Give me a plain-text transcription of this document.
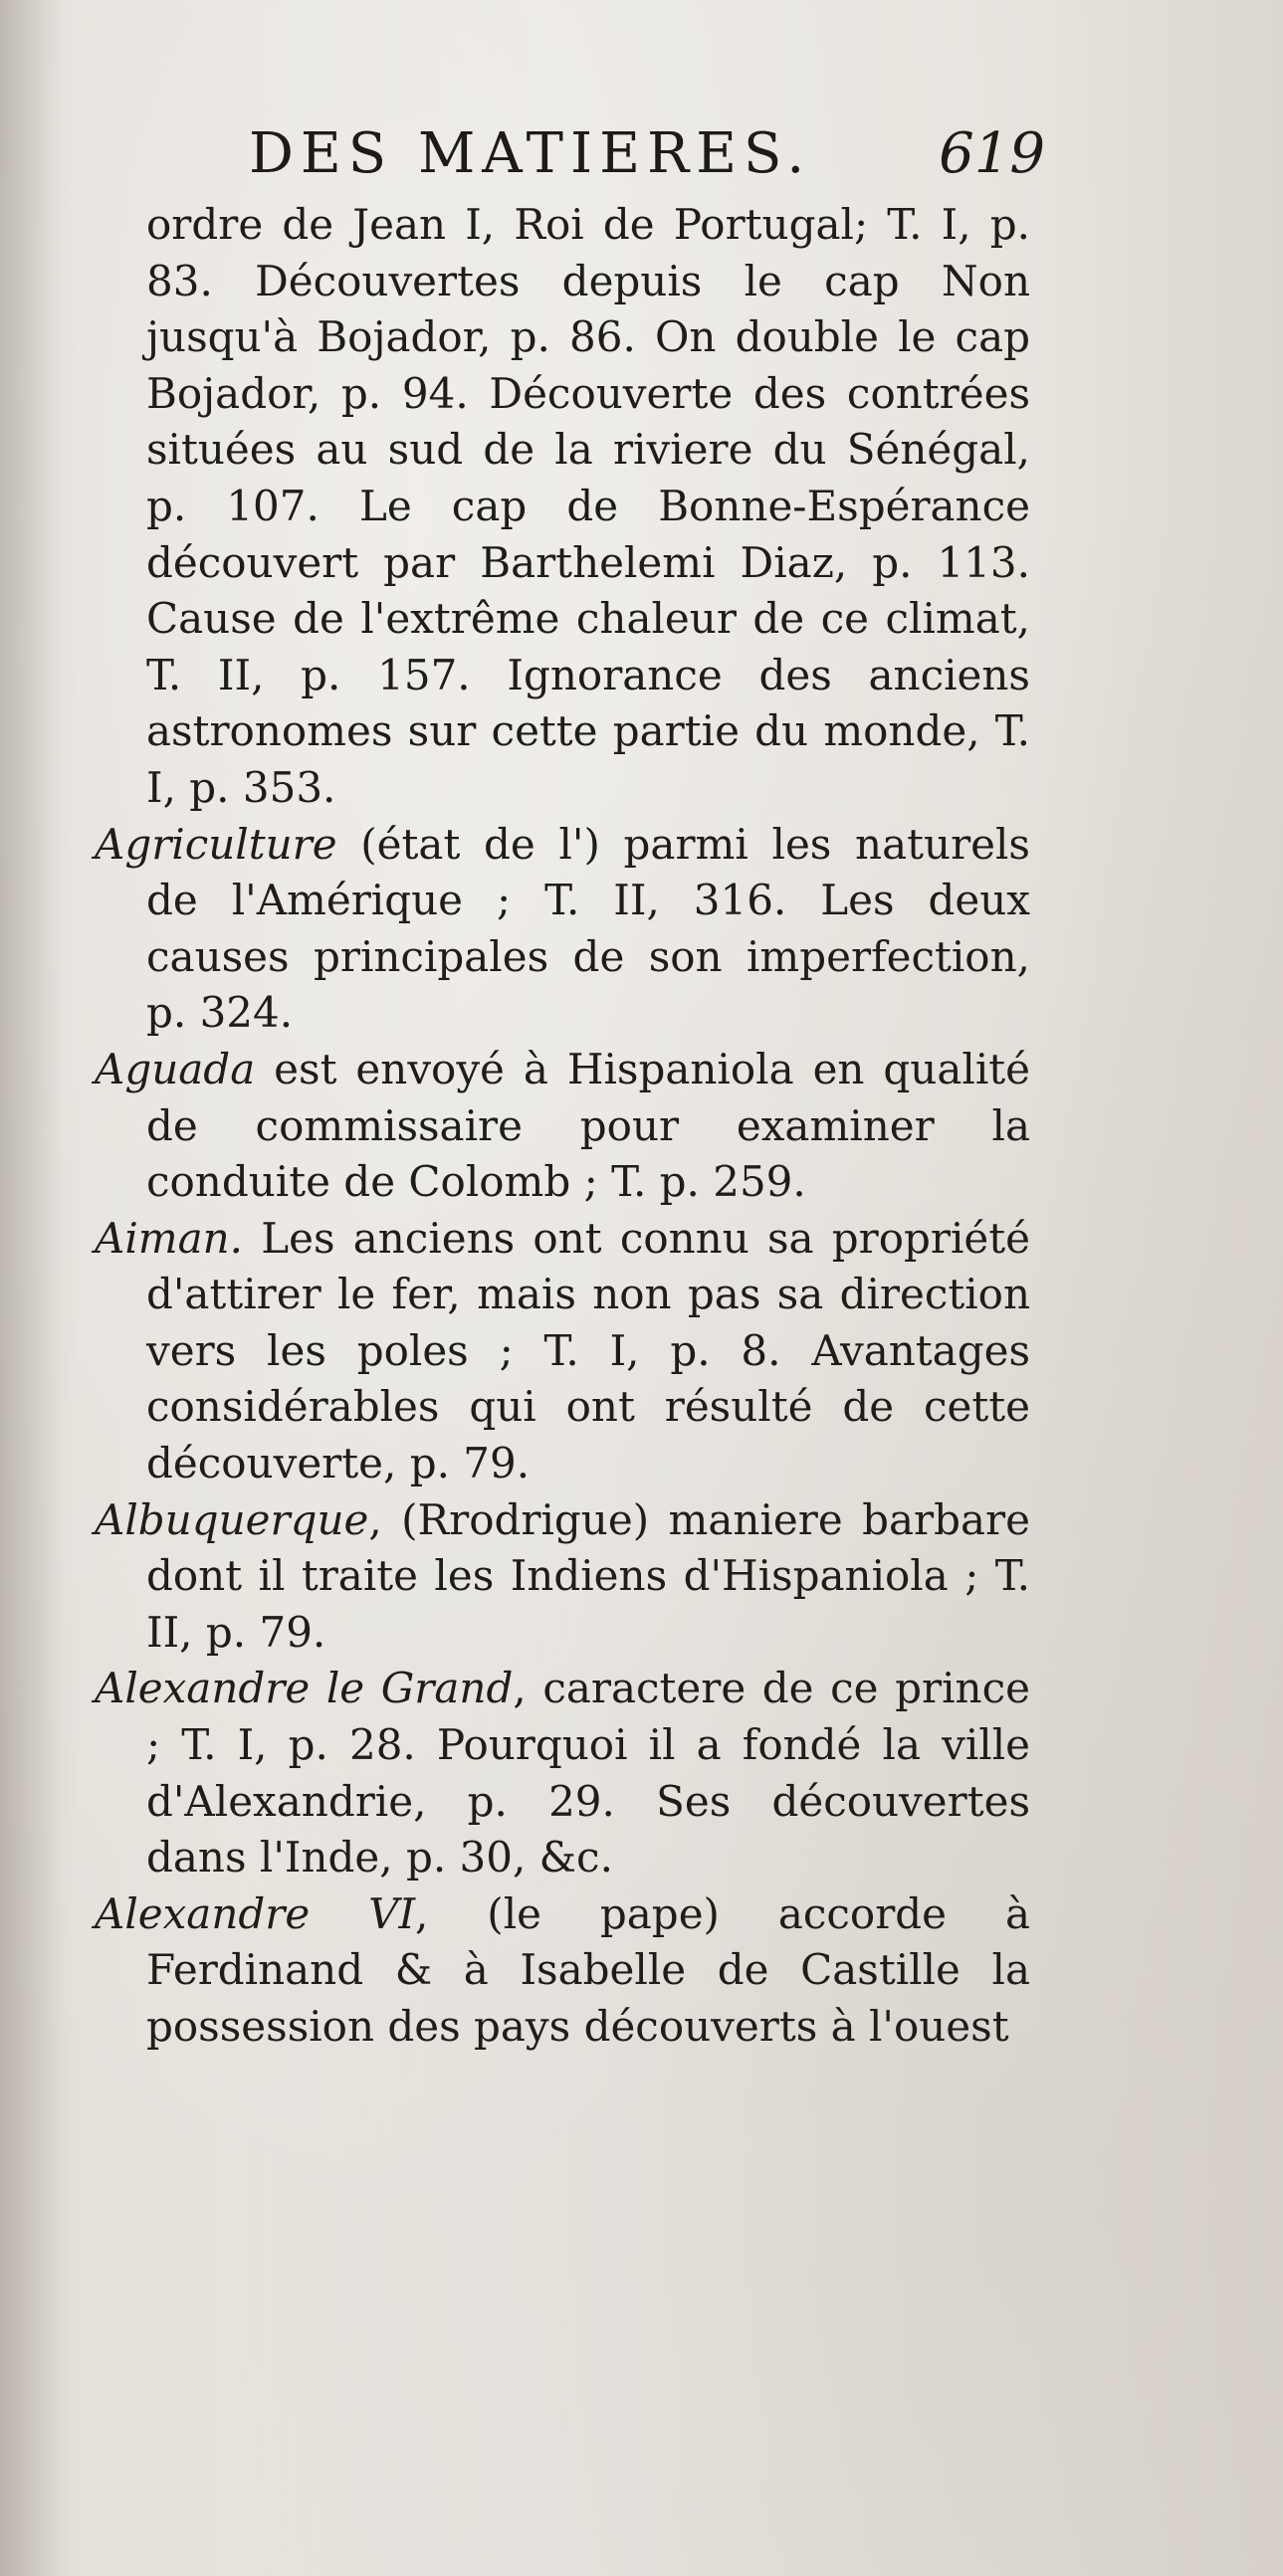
DES MATIERES. 619

ordre de Jean I, Roi de Portugal; T. I, p. 83. Découvertes depuis le cap Non jusqu'à Bojador, p. 86. On double le cap Bojador, p. 94. Découverte des contrées situées au sud de la riviere du Sénégal, p. 107. Le cap de Bonne-Espérance découvert par Barthelemi Diaz, p. 113. Cause de l'extrême chaleur de ce climat, T. II, p. 157. Ignorance des anciens astronomes sur cette partie du monde, T. I, p. 353.

Agriculture (état de l') parmi les naturels de l'Amérique ; T. II, 316. Les deux causes principales de son imperfection, p. 324.

Aguada est envoyé à Hispaniola en qualité de commissaire pour examiner la conduite de Colomb ; T. p. 259.

Aiman. Les anciens ont connu sa propriété d'attirer le fer, mais non pas sa direction vers les poles ; T. I, p. 8. Avantages considérables qui ont résulté de cette découverte, p. 79.

Albuquerque, (Rrodrigue) maniere barbare dont il traite les Indiens d'Hispaniola ; T. II, p. 79.

Alexandre le Grand, caractere de ce prince ; T. I, p. 28. Pourquoi il a fondé la ville d'Alexandrie, p. 29. Ses découvertes dans l'Inde, p. 30, &c.

Alexandre VI, (le pape) accorde à Ferdinand & à Isabelle de Castille la possession des pays découverts à l'ouest
